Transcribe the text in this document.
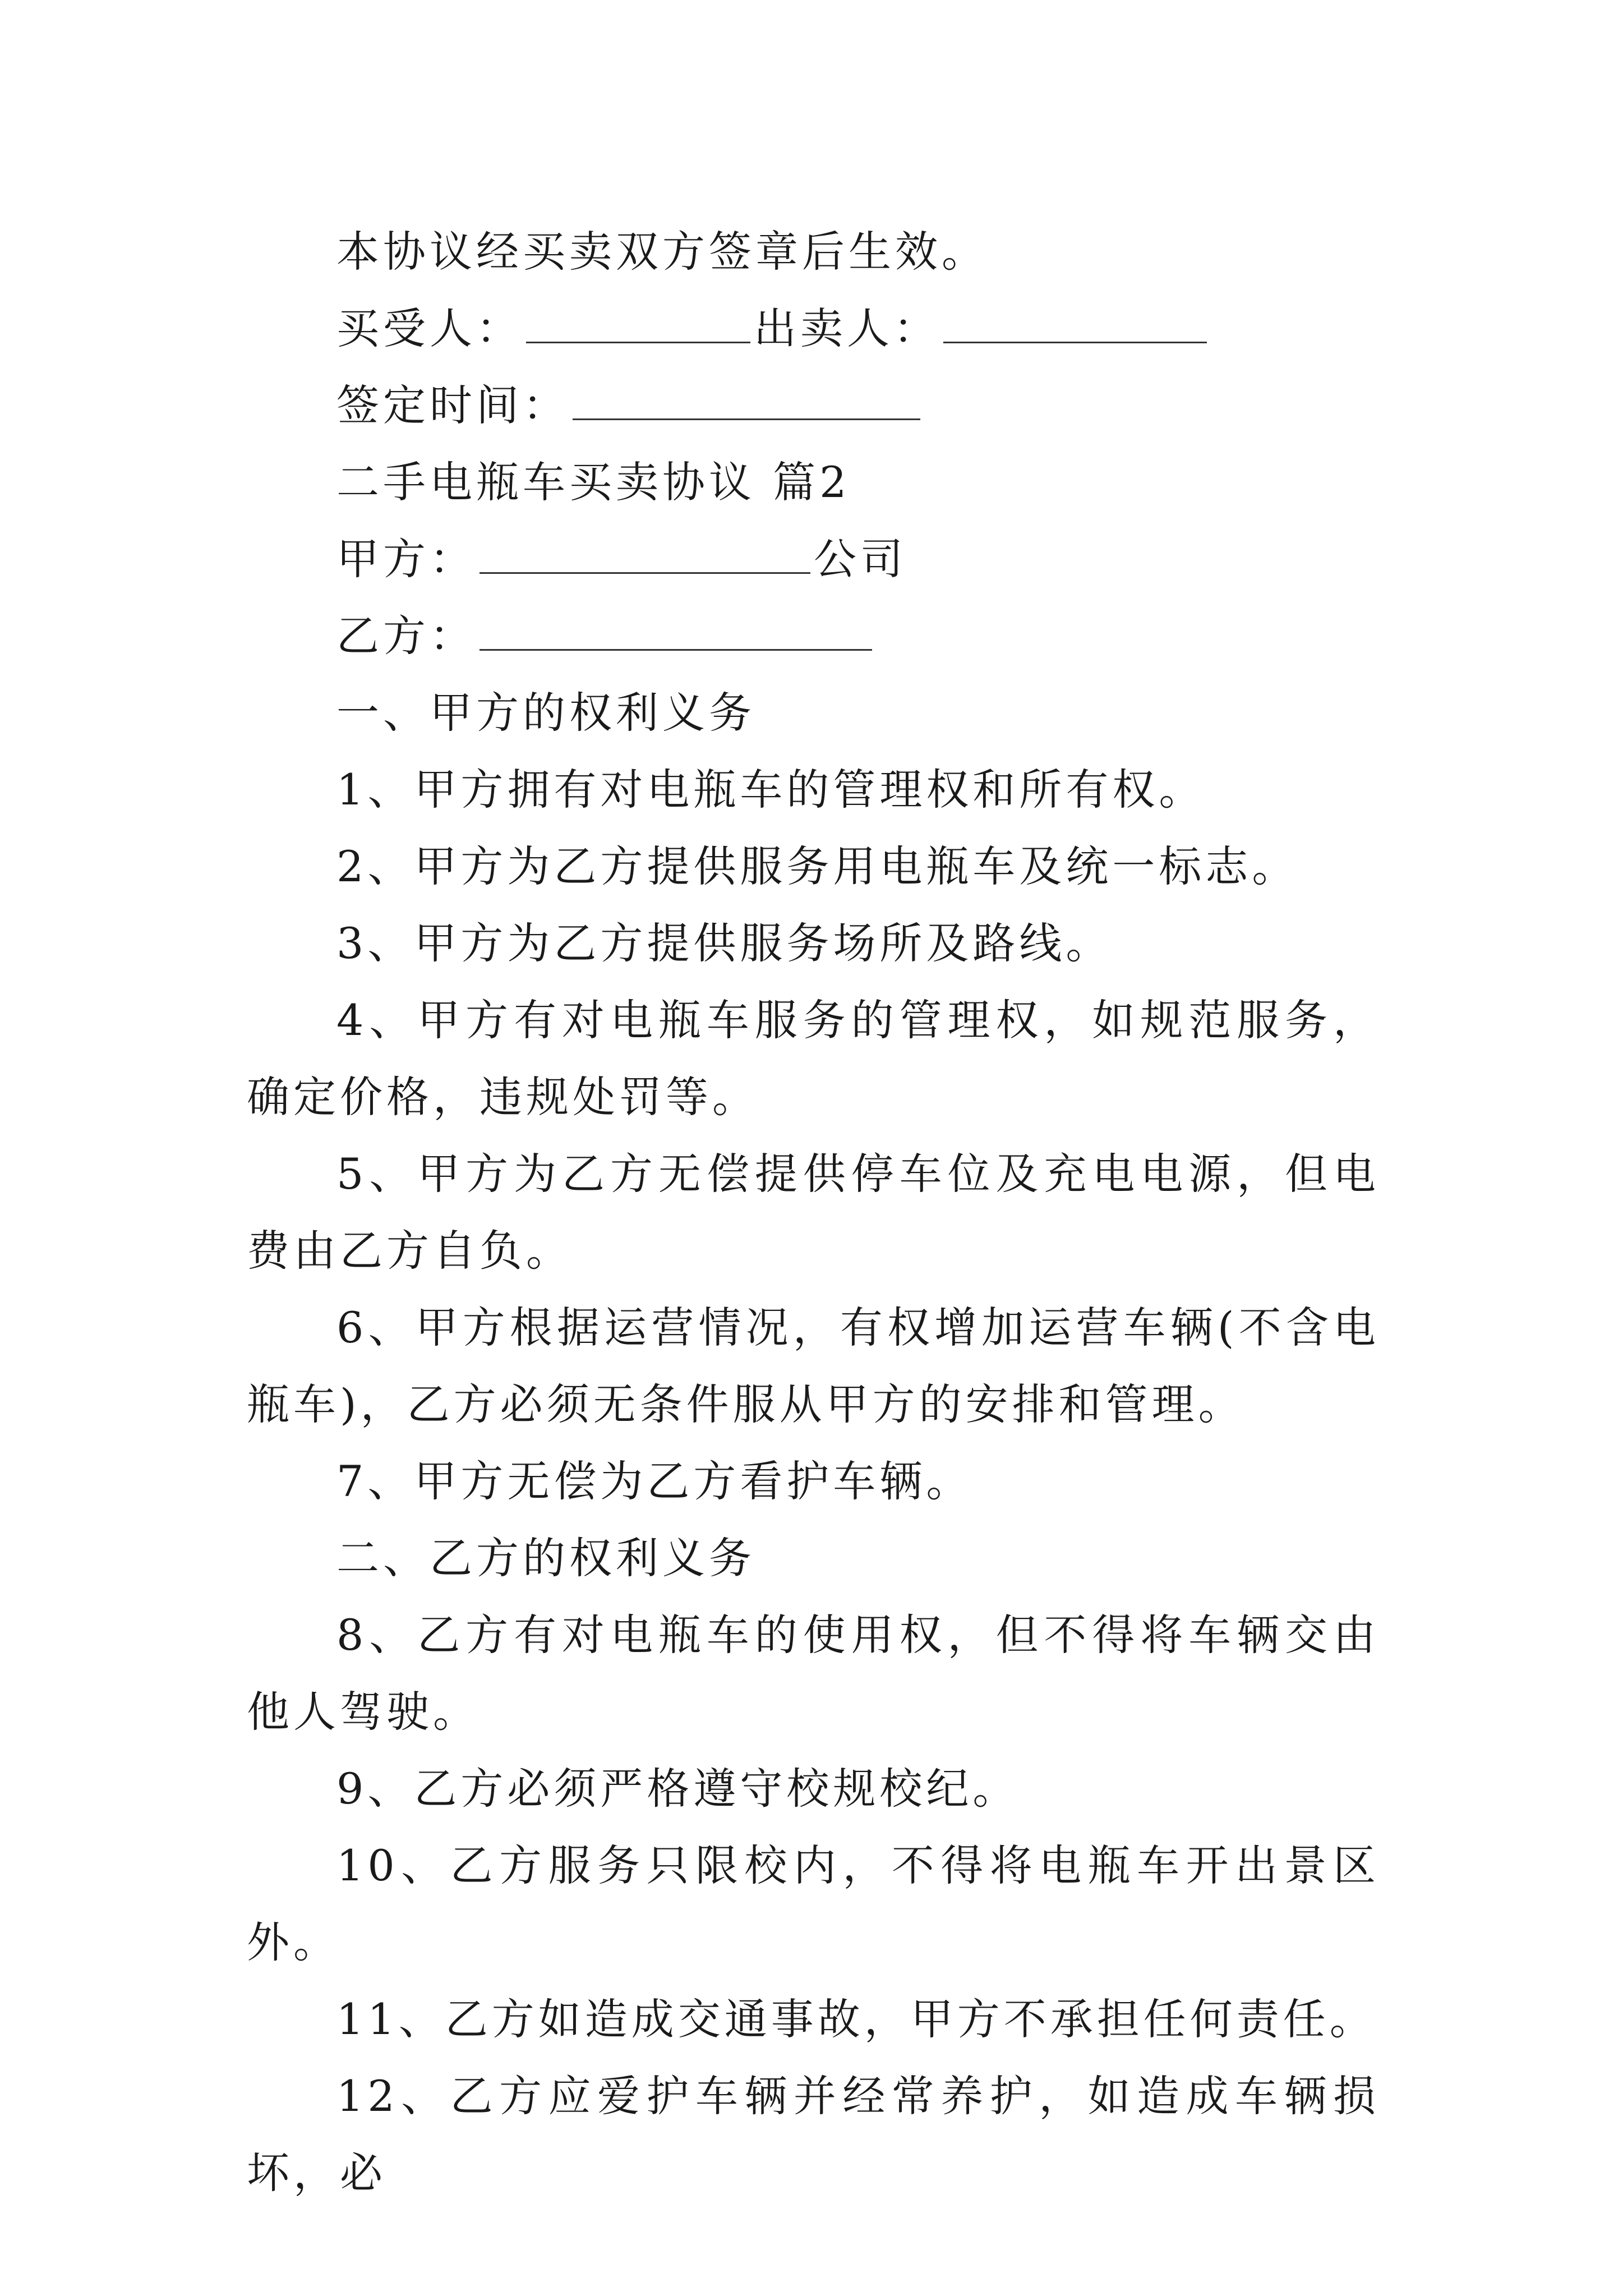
本协议经买卖双方签章后生效。
买受人：	出卖人：
签定时间：
二手电瓶车买卖协议 篇2
甲方：	公司
乙方：
一、甲方的权利义务
1、甲方拥有对电瓶车的管理权和所有权。
2、甲方为乙方提供服务用电瓶车及统一标志。
3、甲方为乙方提供服务场所及路线。
4、甲方有对电瓶车服务的管理权，如规范服务，确定价格，违规处罚等。
5、甲方为乙方无偿提供停车位及充电电源，但电费由乙方自负。
6、甲方根据运营情况，有权增加运营车辆(不含电瓶车)，乙方必须无条件服从甲方的安排和管理。
7、甲方无偿为乙方看护车辆。
二、乙方的权利义务
8、乙方有对电瓶车的使用权，但不得将车辆交由他人驾驶。
9、乙方必须严格遵守校规校纪。
10、乙方服务只限校内，不得将电瓶车开出景区外。
11、乙方如造成交通事故，甲方不承担任何责任。
12、乙方应爱护车辆并经常养护，如造成车辆损坏，必
